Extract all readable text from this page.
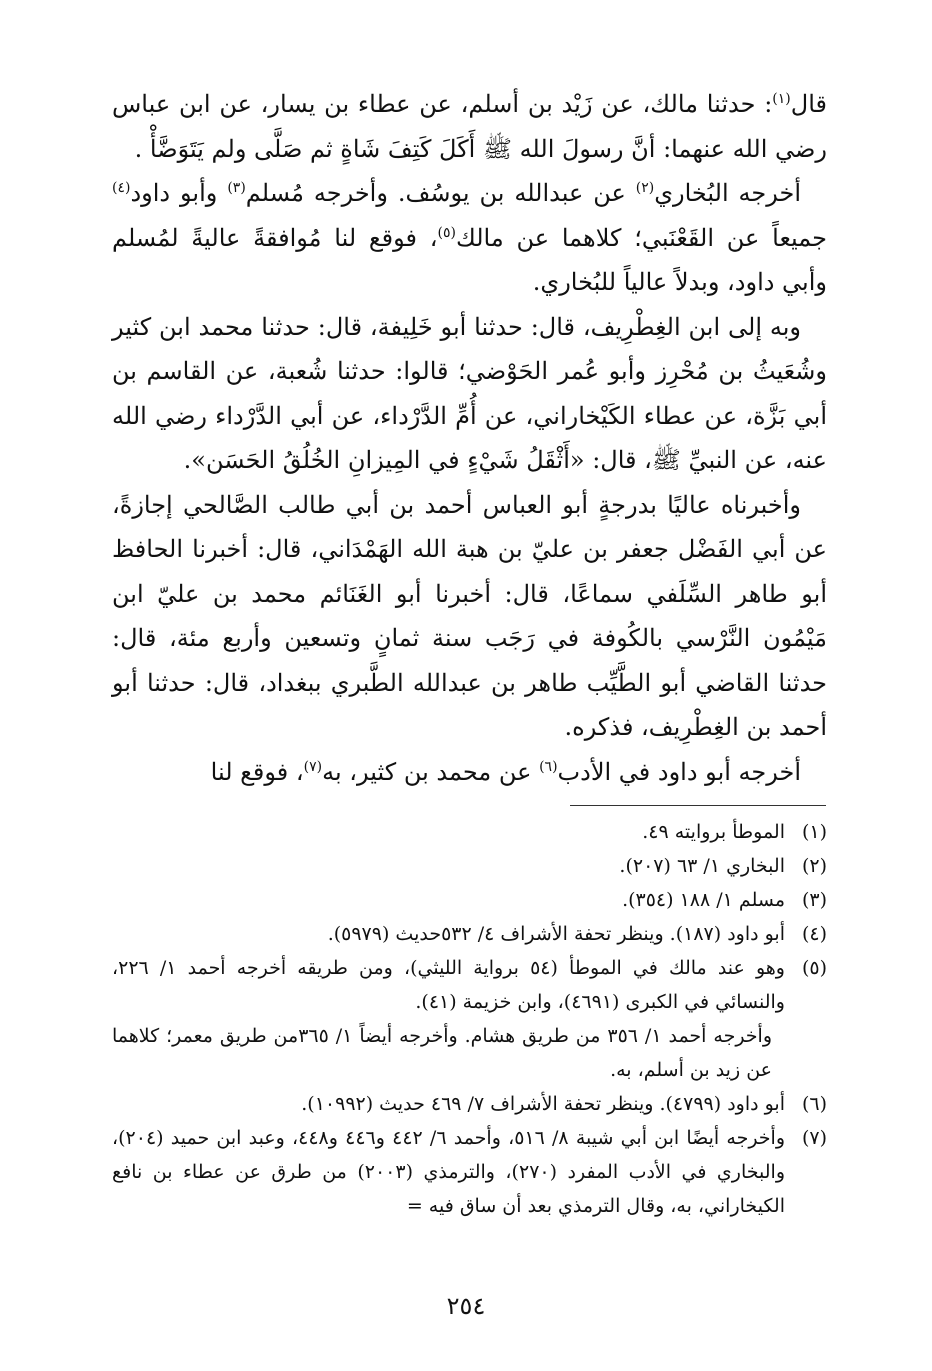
قال$^{(١)}$: حدثنا مالك، عن زَيْد بن أسلم، عن عطاء بن يسار، عن ابن عباس رضي الله عنهما: أنَّ رسولَ الله ﷺ أَكَلَ كَتِفَ شَاةٍ ثم صَلَّى ولم يَتَوَضَّأْ .

أخرجه البُخاري$^{(٢)}$ عن عبدالله بن يوسُف. وأخرجه مُسلم$^{(٣)}$ وأبو داود$^{(٤)}$ جميعاً عن القَعْنَبي؛ كلاهما عن مالك$^{(٥)}$، فوقع لنا مُوافقةً عاليةً لمُسلم وأبي داود، وبدلاً عالياً للبُخاري.

وبه إلى ابن الغِطْرِيف، قال: حدثنا أبو خَلِيفة، قال: حدثنا محمد ابن كثير وشُعَيثُ بن مُحْرِز وأبو عُمر الحَوْضي؛ قالوا: حدثنا شُعبة، عن القاسم بن أبي بَزَّة، عن عطاء الكَيْخاراني، عن أُمِّ الدَّرْداء، عن أبي الدَّرْداء رضي الله عنه، عن النبيِّ ﷺ، قال: «أَثْقَلُ شَيْءٍ في المِيزانِ الخُلُقُ الحَسَن».

وأخبرناه عاليًا بدرجةٍ أبو العباس أحمد بن أبي طالب الصَّالحي إجازةً، عن أبي الفَضْل جعفر بن عليّ بن هبة الله الهَمْدَاني، قال: أخبرنا الحافظ أبو طاهر السِّلَفي سماعًا، قال: أخبرنا أبو الغَنَائم محمد بن عليّ ابن مَيْمُون النَّرْسي بالكُوفة في رَجَب سنة ثمانٍ وتسعين وأربع مئة، قال: حدثنا القاضي أبو الطَّيِّب طاهر بن عبدالله الطَّبري ببغداد، قال: حدثنا أبو أحمد بن الغِطْرِيف، فذكره.

أخرجه أبو داود في الأدب$^{(٦)}$ عن محمد بن كثير، به$^{(٧)}$، فوقع لنا

(١)
الموطأ بروايته ٤٩.
(٢)
البخاري ١/ ٦٣ (٢٠٧).
(٣)
مسلم ١/ ١٨٨ (٣٥٤).
(٤)
أبو داود (١٨٧). وينظر تحفة الأشراف ٤/ ٥٣٢حديث (٥٩٧٩).
(٥)
وهو عند مالك في الموطأ (٥٤ برواية الليثي)، ومن طريقه أخرجه أحمد ١/ ٢٢٦، والنسائي في الكبرى (٤٦٩١)، وابن خزيمة (٤١).
وأخرجه أحمد ١/ ٣٥٦ من طريق هشام. وأخرجه أيضاً ١/ ٣٦٥من طريق معمر؛ كلاهما عن زيد بن أسلم، به.
(٦)
أبو داود (٤٧٩٩). وينظر تحفة الأشراف ٧/ ٤٦٩ حديث (١٠٩٩٢).
(٧)
وأخرجه أيضًا ابن أبي شيبة ٨/ ٥١٦، وأحمد ٦/ ٤٤٢ و٤٤٦ و٤٤٨، وعبد ابن حميد (٢٠٤)، والبخاري في الأدب المفرد (٢٧٠)، والترمذي (٢٠٠٣) من طرق عن عطاء بن نافع الكيخاراني، به، وقال الترمذي بعد أن ساق فيه =
٢٥٤
